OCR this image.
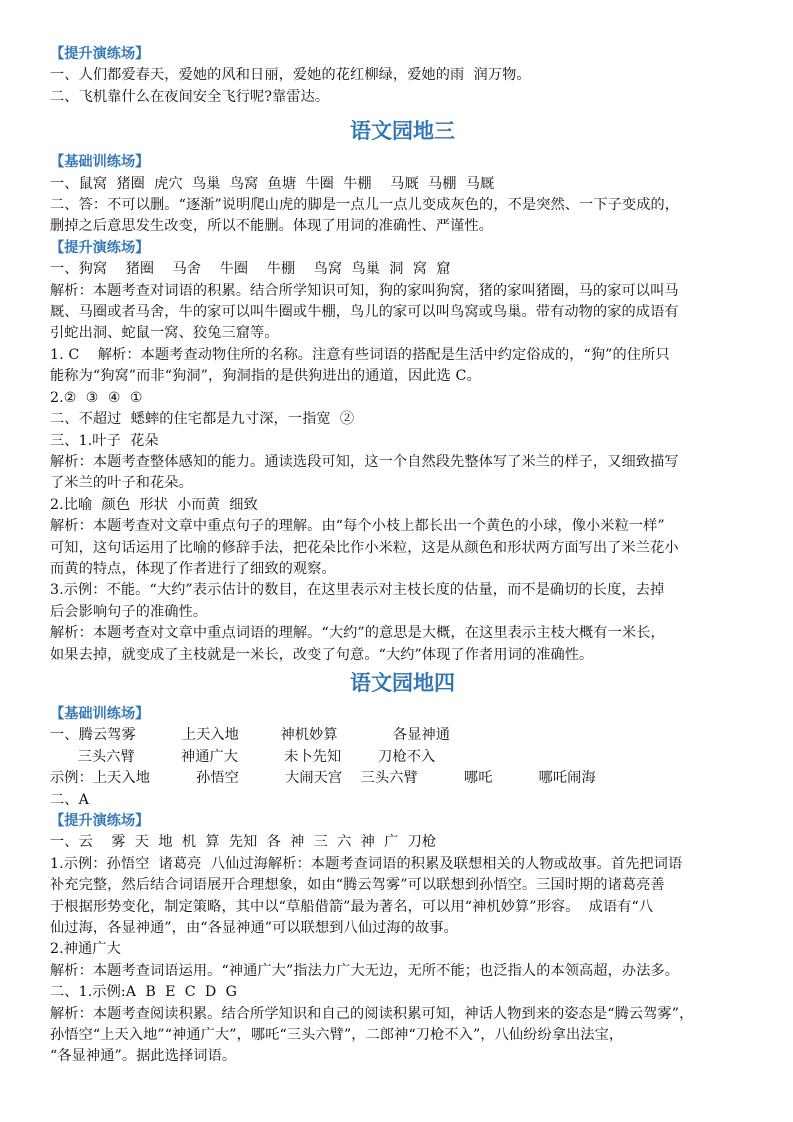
【提升演练场】

一、人们都爱春天，爱她的风和日丽，爱她的花红柳绿，爱她的雨  润万物。

二、飞机靠什么在夜间安全飞行呢?靠雷达。

语文园地三

【基础训练场】

一、鼠窝  猪圈  虎穴  鸟巢  鸟窝  鱼塘  牛圈  牛棚    马厩  马棚  马厩

二、答：不可以删。“逐渐”说明爬山虎的脚是一点儿一点儿变成灰色的，不是突然、一下子变成的，

删掉之后意思发生改变，所以不能删。体现了用词的准确性、严谨性。

【提升演练场】

一、狗窝    猪圈    马舍    牛圈    牛棚    鸟窝  鸟巢  洞  窝  窟

解析：本题考查对词语的积累。结合所学知识可知，狗的家叫狗窝，猪的家叫猪圈，马的家可以叫马

厩、马圈或者马舍，牛的家可以叫牛圈或牛棚，鸟儿的家可以叫鸟窝或鸟巢。带有动物的家的成语有

引蛇出洞、蛇鼠一窝、狡兔三窟等。

1. C    解析：本题考查动物住所的名称。注意有些词语的搭配是生活中约定俗成的，“狗”的住所只

能称为“狗窝”而非“狗洞”，狗洞指的是供狗进出的通道，因此选 C。

2.②  ③  ④  ①

二、不超过  蟋蟀的住宅都是九寸深，一指宽  ②

三、1.叶子  花朵

解析：本题考查整体感知的能力。通读选段可知，这一个自然段先整体写了米兰的样子，又细致描写

了米兰的叶子和花朵。

2.比喻  颜色  形状  小而黄  细致

解析：本题考查对文章中重点句子的理解。由“每个小枝上都长出一个黄色的小球，像小米粒一样”

可知，这句话运用了比喻的修辞手法，把花朵比作小米粒，这是从颜色和形状两方面写出了米兰花小

而黄的特点，体现了作者进行了细致的观察。

3.示例：不能。“大约”表示估计的数目，在这里表示对主枝长度的估量，而不是确切的长度，去掉

后会影响句子的准确性。

解析：本题考查对文章中重点词语的理解。“大约”的意思是大概，在这里表示主枝大概有一米长，

如果去掉，就变成了主枝就是一米长，改变了句意。“大约”体现了作者用词的准确性。

语文园地四

【基础训练场】

一、腾云驾雾          上天入地         神机妙算            各显神通

三头六臂          神通广大          未卜先知        刀枪不入

示例：上天入地          孙悟空          大闹天宫    三头六臂          哪吒          哪吒闹海

二、A

【提升演练场】

一、云    雾  天  地  机  算  先知  各  神  三  六  神  广  刀枪

1.示例：孙悟空  诸葛亮  八仙过海解析：本题考查词语的积累及联想相关的人物或故事。首先把词语

补充完整，然后结合词语展开合理想象，如由“腾云驾雾”可以联想到孙悟空。三国时期的诸葛亮善

于根据形势变化，制定策略，其中以“草船借箭”最为著名，可以用“神机妙算”形容。  成语有“八

仙过海，各显神通”，由“各显神通”可以联想到八仙过海的故事。

2.神通广大

解析：本题考查词语运用。“神通广大”指法力广大无边，无所不能；也泛指人的本领高超，办法多。

二、1.示例:A  B  E  C  D  G

解析：本题考查阅读积累。结合所学知识和自己的阅读积累可知，神话人物到来的姿态是“腾云驾雾”，

孙悟空“上天入地”“神通广大”，哪吒“三头六臂”，二郎神“刀枪不入”，八仙纷纷拿出法宝，

“各显神通”。据此选择词语。
